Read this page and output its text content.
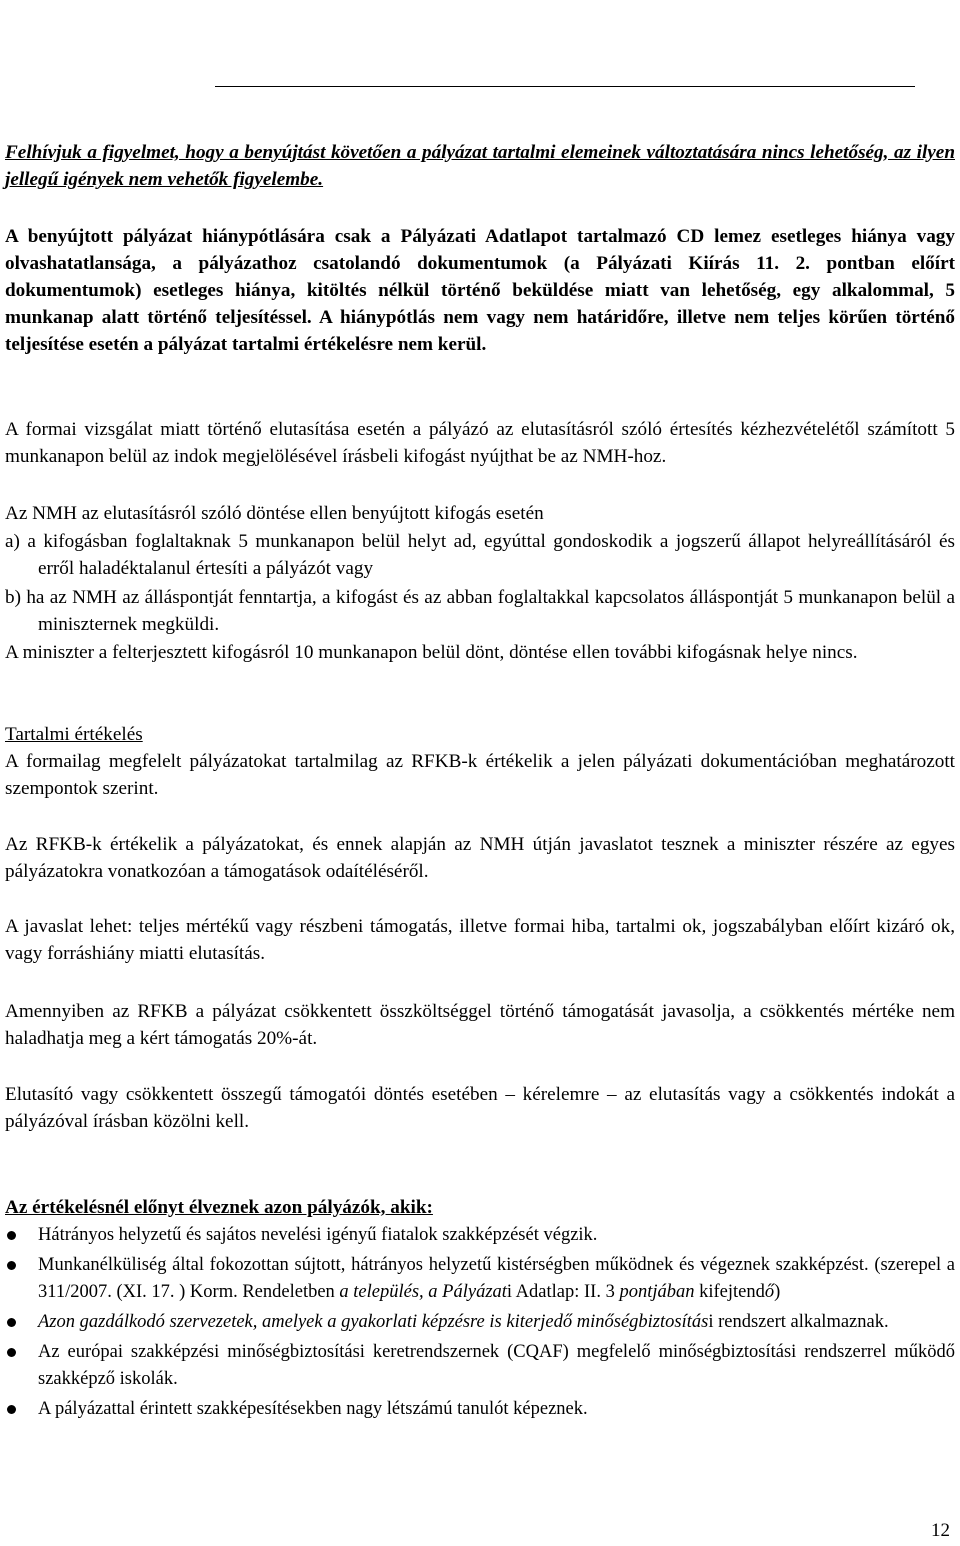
PÁLYÁZATI DOKUMENTÁCIÓ – PÁLYÁZATI KIÍRÁS
Az NFA képzési alaprész decentralizált keretéből finanszírozandó, fejlesztésre irányuló beruházások
támogatásához kiírásra kerülő pályázatokhoz
Felhívjuk a figyelmet, hogy a benyújtást követően a pályázat tartalmi elemeinek változtatására nincs lehetőség, az ilyen jellegű igények nem vehetők figyelembe.
A benyújtott pályázat hiánypótlására csak a Pályázati Adatlapot tartalmazó CD lemez esetleges hiánya vagy olvashatatlansága, a pályázathoz csatolandó dokumentumok (a Pályázati Kiírás 11. 2. pontban előírt dokumentumok) esetleges hiánya, kitöltés nélkül történő beküldése miatt van lehetőség, egy alkalommal, 5 munkanap alatt történő teljesítéssel. A hiánypótlás nem vagy nem határidőre, illetve nem teljes körűen történő teljesítése esetén a pályázat tartalmi értékelésre nem kerül.
A formai vizsgálat miatt történő elutasítása esetén a pályázó az elutasításról szóló értesítés kézhezvételétől számított 5 munkanapon belül az indok megjelölésével írásbeli kifogást nyújthat be az NMH-hoz.
Az NMH az elutasításról szóló döntése ellen benyújtott kifogás esetén
a) a kifogásban foglaltaknak 5 munkanapon belül helyt ad, egyúttal gondoskodik a jogszerű állapot helyreállításáról és erről haladéktalanul értesíti a pályázót vagy
b) ha az NMH az álláspontját fenntartja, a kifogást és az abban foglaltakkal kapcsolatos álláspontját 5 munkanapon belül a miniszternek megküldi.
A miniszter a felterjesztett kifogásról 10 munkanapon belül dönt, döntése ellen további kifogásnak helye nincs.
Tartalmi értékelés
A formailag megfelelt pályázatokat tartalmilag az RFKB-k értékelik a jelen pályázati dokumentációban meghatározott szempontok szerint.
Az RFKB-k értékelik a pályázatokat, és ennek alapján az NMH útján javaslatot tesznek a miniszter részére az egyes pályázatokra vonatkozóan a támogatások odaítéléséről.
A javaslat lehet: teljes mértékű vagy részbeni támogatás, illetve formai hiba, tartalmi ok, jogszabályban előírt kizáró ok, vagy forráshiány miatti elutasítás.
Amennyiben az RFKB a pályázat csökkentett összköltséggel történő támogatását javasolja, a csökkentés mértéke nem haladhatja meg a kért támogatás 20%-át.
Elutasító vagy csökkentett összegű támogatói döntés esetében – kérelemre – az elutasítás vagy a csökkentés indokát a pályázóval írásban közölni kell.
Az értékelésnél előnyt élveznek azon pályázók, akik:
Hátrányos helyzetű és sajátos nevelési igényű fiatalok szakképzését végzik.
Munkanélküliség által fokozottan sújtott, hátrányos helyzetű kistérségben működnek és végeznek szakképzést. (szerepel a 311/2007. (XI. 17. ) Korm. Rendeletben a település, a Pályázati Adatlap: II. 3 pontjában kifejtendő)
Azon gazdálkodó szervezetek, amelyek a gyakorlati képzésre is kiterjedő minőségbiztosítási rendszert alkalmaznak.
Az európai szakképzési minőségbiztosítási keretrendszernek (CQAF) megfelelő minőségbiztosítási rendszerrel működő szakképző iskolák.
A pályázattal érintett szakképesítésekben nagy létszámú tanulót képeznek.
12
